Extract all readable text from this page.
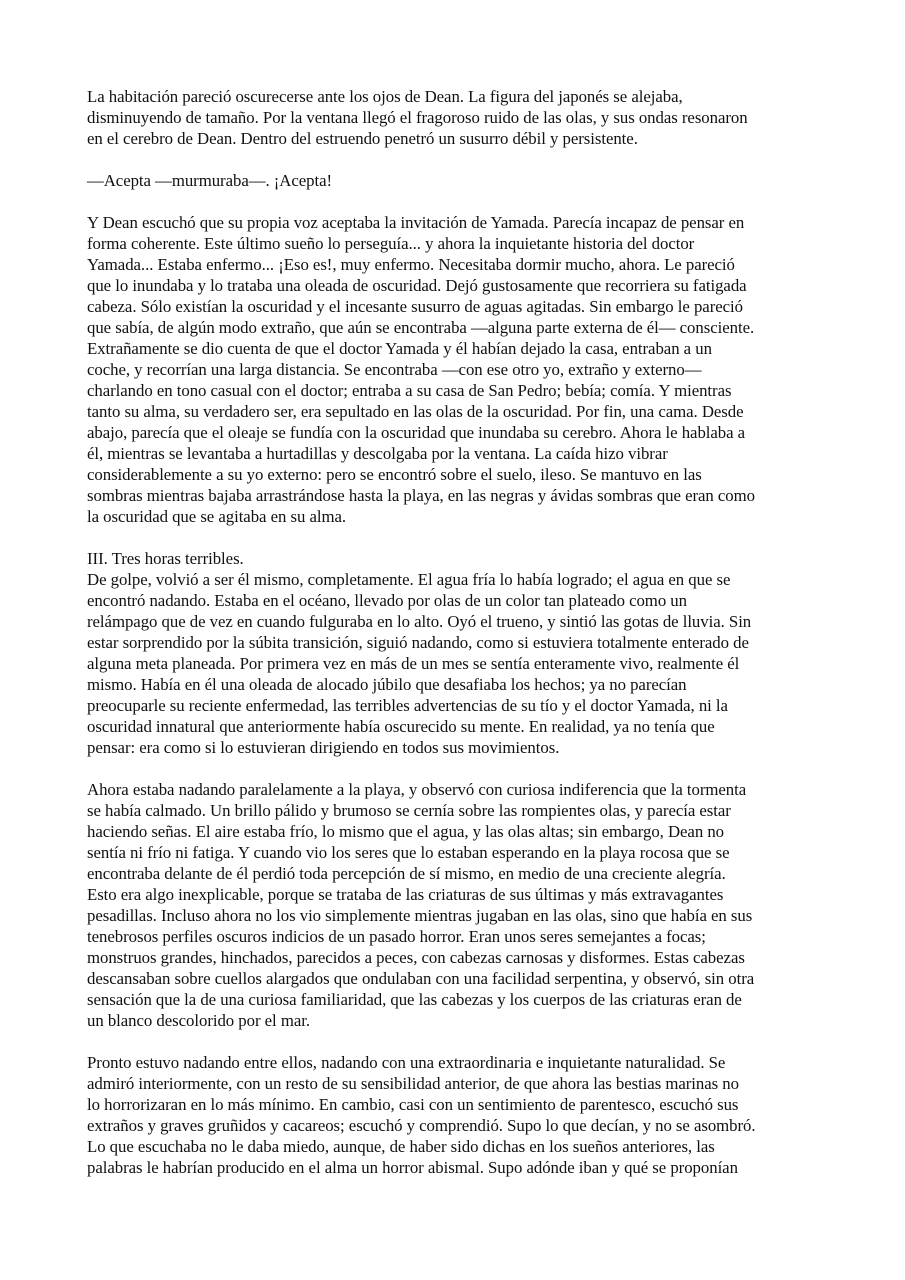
La habitación pareció oscurecerse ante los ojos de Dean. La figura del japonés se alejaba,
disminuyendo de tamaño. Por la ventana llegó el fragoroso ruido de las olas, y sus ondas resonaron
en el cerebro de Dean. Dentro del estruendo penetró un susurro débil y persistente.
—Acepta —murmuraba—. ¡Acepta!
Y Dean escuchó que su propia voz aceptaba la invitación de Yamada. Parecía incapaz de pensar en
forma coherente. Este último sueño lo perseguía... y ahora la inquietante historia del doctor
Yamada... Estaba enfermo... ¡Eso es!, muy enfermo. Necesitaba dormir mucho, ahora. Le pareció
que lo inundaba y lo trataba una oleada de oscuridad. Dejó gustosamente que recorriera su fatigada
cabeza. Sólo existían la oscuridad y el incesante susurro de aguas agitadas. Sin embargo le pareció
que sabía, de algún modo extraño, que aún se encontraba —alguna parte externa de él— consciente.
Extrañamente se dio cuenta de que el doctor Yamada y él habían dejado la casa, entraban a un
coche, y recorrían una larga distancia. Se encontraba —con ese otro yo, extraño y externo—
charlando en tono casual con el doctor; entraba a su casa de San Pedro; bebía; comía. Y mientras
tanto su alma, su verdadero ser, era sepultado en las olas de la oscuridad. Por fin, una cama. Desde
abajo, parecía que el oleaje se fundía con la oscuridad que inundaba su cerebro. Ahora le hablaba a
él, mientras se levantaba a hurtadillas y descolgaba por la ventana. La caída hizo vibrar
considerablemente a su yo externo: pero se encontró sobre el suelo, ileso. Se mantuvo en las
sombras mientras bajaba arrastrándose hasta la playa, en las negras y ávidas sombras que eran como
la oscuridad que se agitaba en su alma.
III. Tres horas terribles.
De golpe, volvió a ser él mismo, completamente. El agua fría lo había logrado; el agua en que se
encontró nadando. Estaba en el océano, llevado por olas de un color tan plateado como un
relámpago que de vez en cuando fulguraba en lo alto. Oyó el trueno, y sintió las gotas de lluvia. Sin
estar sorprendido por la súbita transición, siguió nadando, como si estuviera totalmente enterado de
alguna meta planeada. Por primera vez en más de un mes se sentía enteramente vivo, realmente él
mismo. Había en él una oleada de alocado júbilo que desafiaba los hechos; ya no parecían
preocuparle su reciente enfermedad, las terribles advertencias de su tío y el doctor Yamada, ni la
oscuridad innatural que anteriormente había oscurecido su mente. En realidad, ya no tenía que
pensar: era como si lo estuvieran dirigiendo en todos sus movimientos.
Ahora estaba nadando paralelamente a la playa, y observó con curiosa indiferencia que la tormenta
se había calmado. Un brillo pálido y brumoso se cernía sobre las rompientes olas, y parecía estar
haciendo señas. El aire estaba frío, lo mismo que el agua, y las olas altas; sin embargo, Dean no
sentía ni frío ni fatiga. Y cuando vio los seres que lo estaban esperando en la playa rocosa que se
encontraba delante de él perdió toda percepción de sí mismo, en medio de una creciente alegría.
Esto era algo inexplicable, porque se trataba de las criaturas de sus últimas y más extravagantes
pesadillas. Incluso ahora no los vio simplemente mientras jugaban en las olas, sino que había en sus
tenebrosos perfiles oscuros indicios de un pasado horror. Eran unos seres semejantes a focas;
monstruos grandes, hinchados, parecidos a peces, con cabezas carnosas y disformes. Estas cabezas
descansaban sobre cuellos alargados que ondulaban con una facilidad serpentina, y observó, sin otra
sensación que la de una curiosa familiaridad, que las cabezas y los cuerpos de las criaturas eran de
un blanco descolorido por el mar.
Pronto estuvo nadando entre ellos, nadando con una extraordinaria e inquietante naturalidad. Se
admiró interiormente, con un resto de su sensibilidad anterior, de que ahora las bestias marinas no
lo horrorizaran en lo más mínimo. En cambio, casi con un sentimiento de parentesco, escuchó sus
extraños y graves gruñidos y cacareos; escuchó y comprendió. Supo lo que decían, y no se asombró.
Lo que escuchaba no le daba miedo, aunque, de haber sido dichas en los sueños anteriores, las
palabras le habrían producido en el alma un horror abismal. Supo adónde iban y qué se proponían
